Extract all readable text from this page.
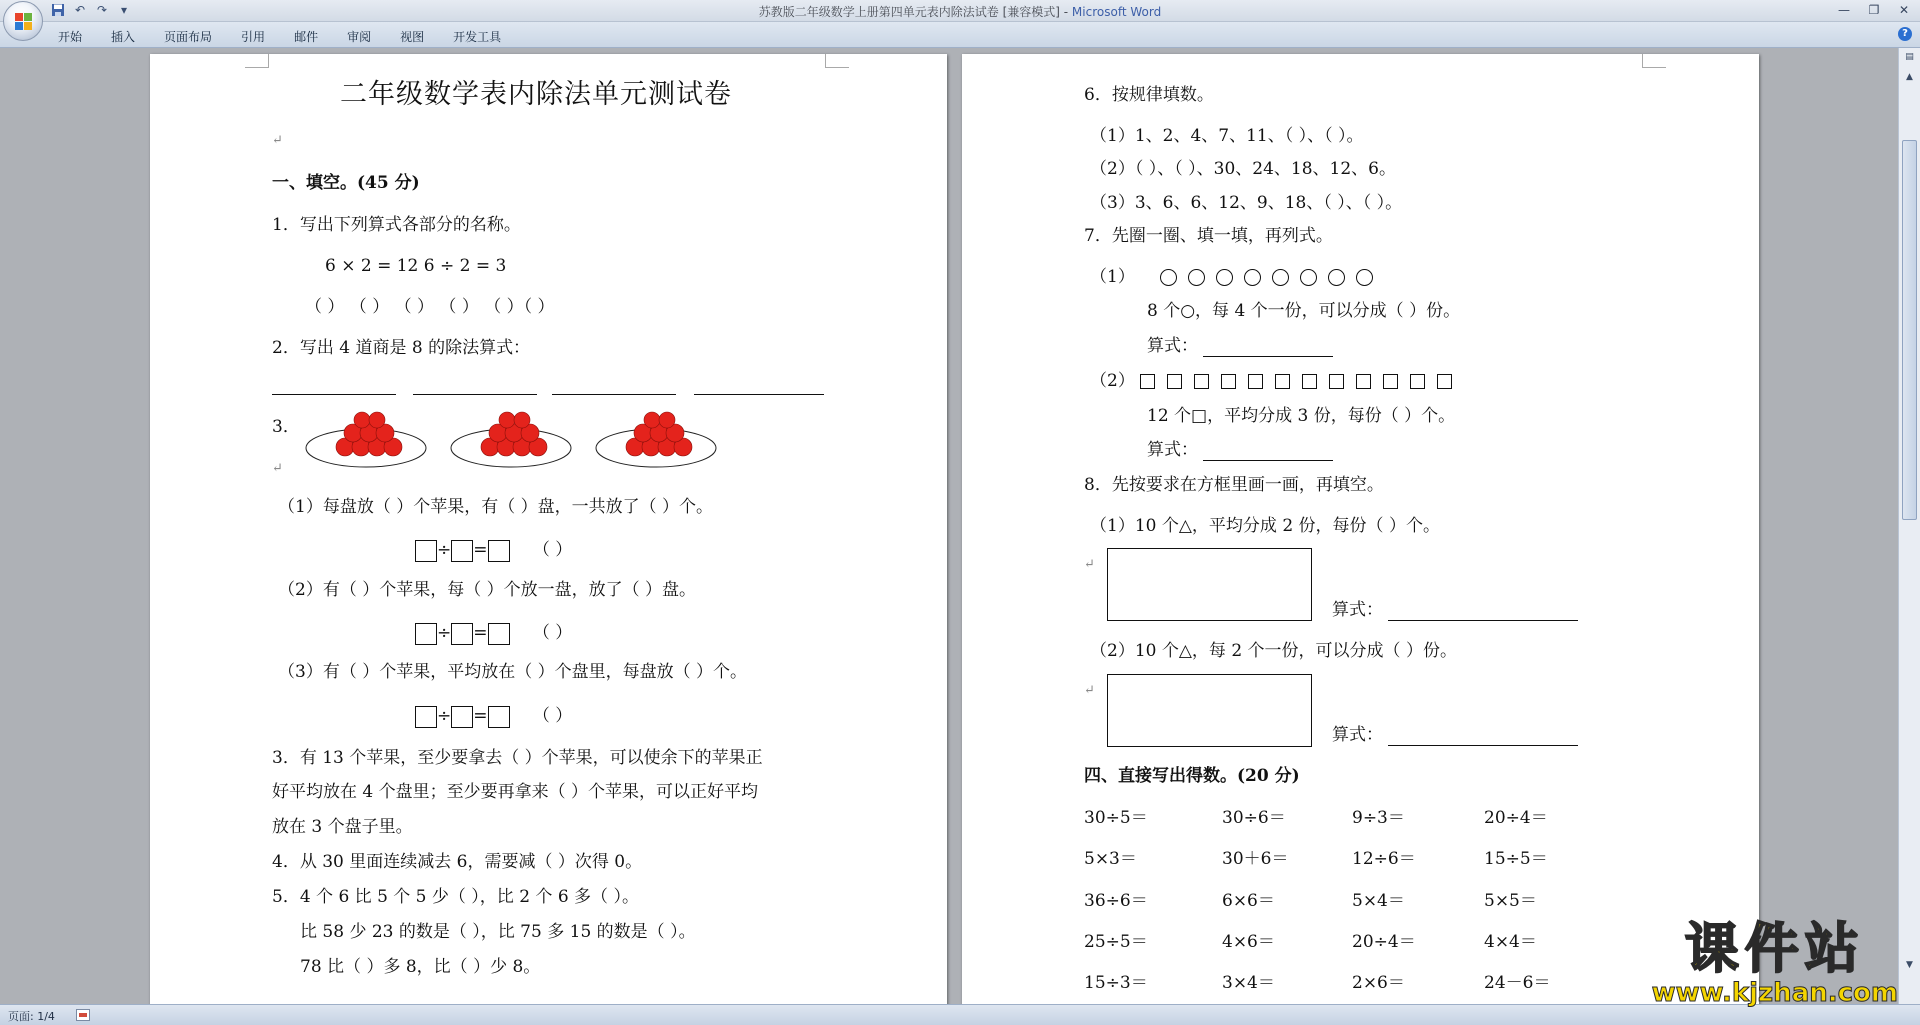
↶ ↷	▾	苏教版二年级数学上册第四单元表内除法试卷 [兼容模式] - Microsoft Word	—	❐	✕
开始 插入 页面布局 引用 邮件 审阅 视图 开发工具	?
二年级数学表内除法单元测试卷
↵
一、填空。(45 分)
1．写出下列算式各部分的名称。
6 × 2 = 12 6 ÷ 2 = 3
（ ） （ ） （ ） （ ） （ ）（ ）
2．写出 4 道商是 8 的除法算式：
3．
↵
（1）每盘放（ ）个苹果，有（ ）盘，一共放了（ ）个。
÷ =	（ ）
（2）有（ ）个苹果，每（ ）个放一盘，放了（ ）盘。
÷ =	（ ）
（3）有（ ）个苹果，平均放在（ ）个盘里，每盘放（ ）个。
÷ =	（ ）
3．有 13 个苹果，至少要拿去（ ）个苹果，可以使余下的苹果正
好平均放在 4 个盘里；至少要再拿来（ ）个苹果，可以正好平均
放在 3 个盘子里。
4．从 30 里面连续减去 6，需要减（ ）次得 0。
5．4 个 6 比 5 个 5 少（ ），比 2 个 6 多（ ）。
比 58 少 23 的数是（ ），比 75 多 15 的数是（ ）。
78 比（ ）多 8，比（ ）少 8。
6．按规律填数。
（1）1、2、4、7、11、（ ）、（ ）。
（2）（ ）、（ ）、30、24、18、12、6。
（3）3、6、6、12、9、18、（ ）、（ ）。
7．先圈一圈、填一填，再列式。
（1）
8 个○，每 4 个一份，可以分成（ ）份。
算式：
（2）
12 个□，平均分成 3 份，每份（ ）个。
算式：
8．先按要求在方框里画一画，再填空。
（1）10 个△，平均分成 2 份，每份（ ）个。
↵
算式：
（2）10 个△，每 2 个一份，可以分成（ ）份。
↵
算式：
四、直接写出得数。(20 分)
30÷5＝	30÷6＝	9÷3＝	20÷4＝
5×3＝	30＋6＝	12÷6＝	15÷5＝
36÷6＝	6×6＝	5×4＝	5×5＝
25÷5＝	4×6＝	20÷4＝	4×4＝
15÷3＝	3×4＝	2×6＝	24－6＝
▤
▲
▼
页面: 1/4
课件站
www.kjzhan.com
